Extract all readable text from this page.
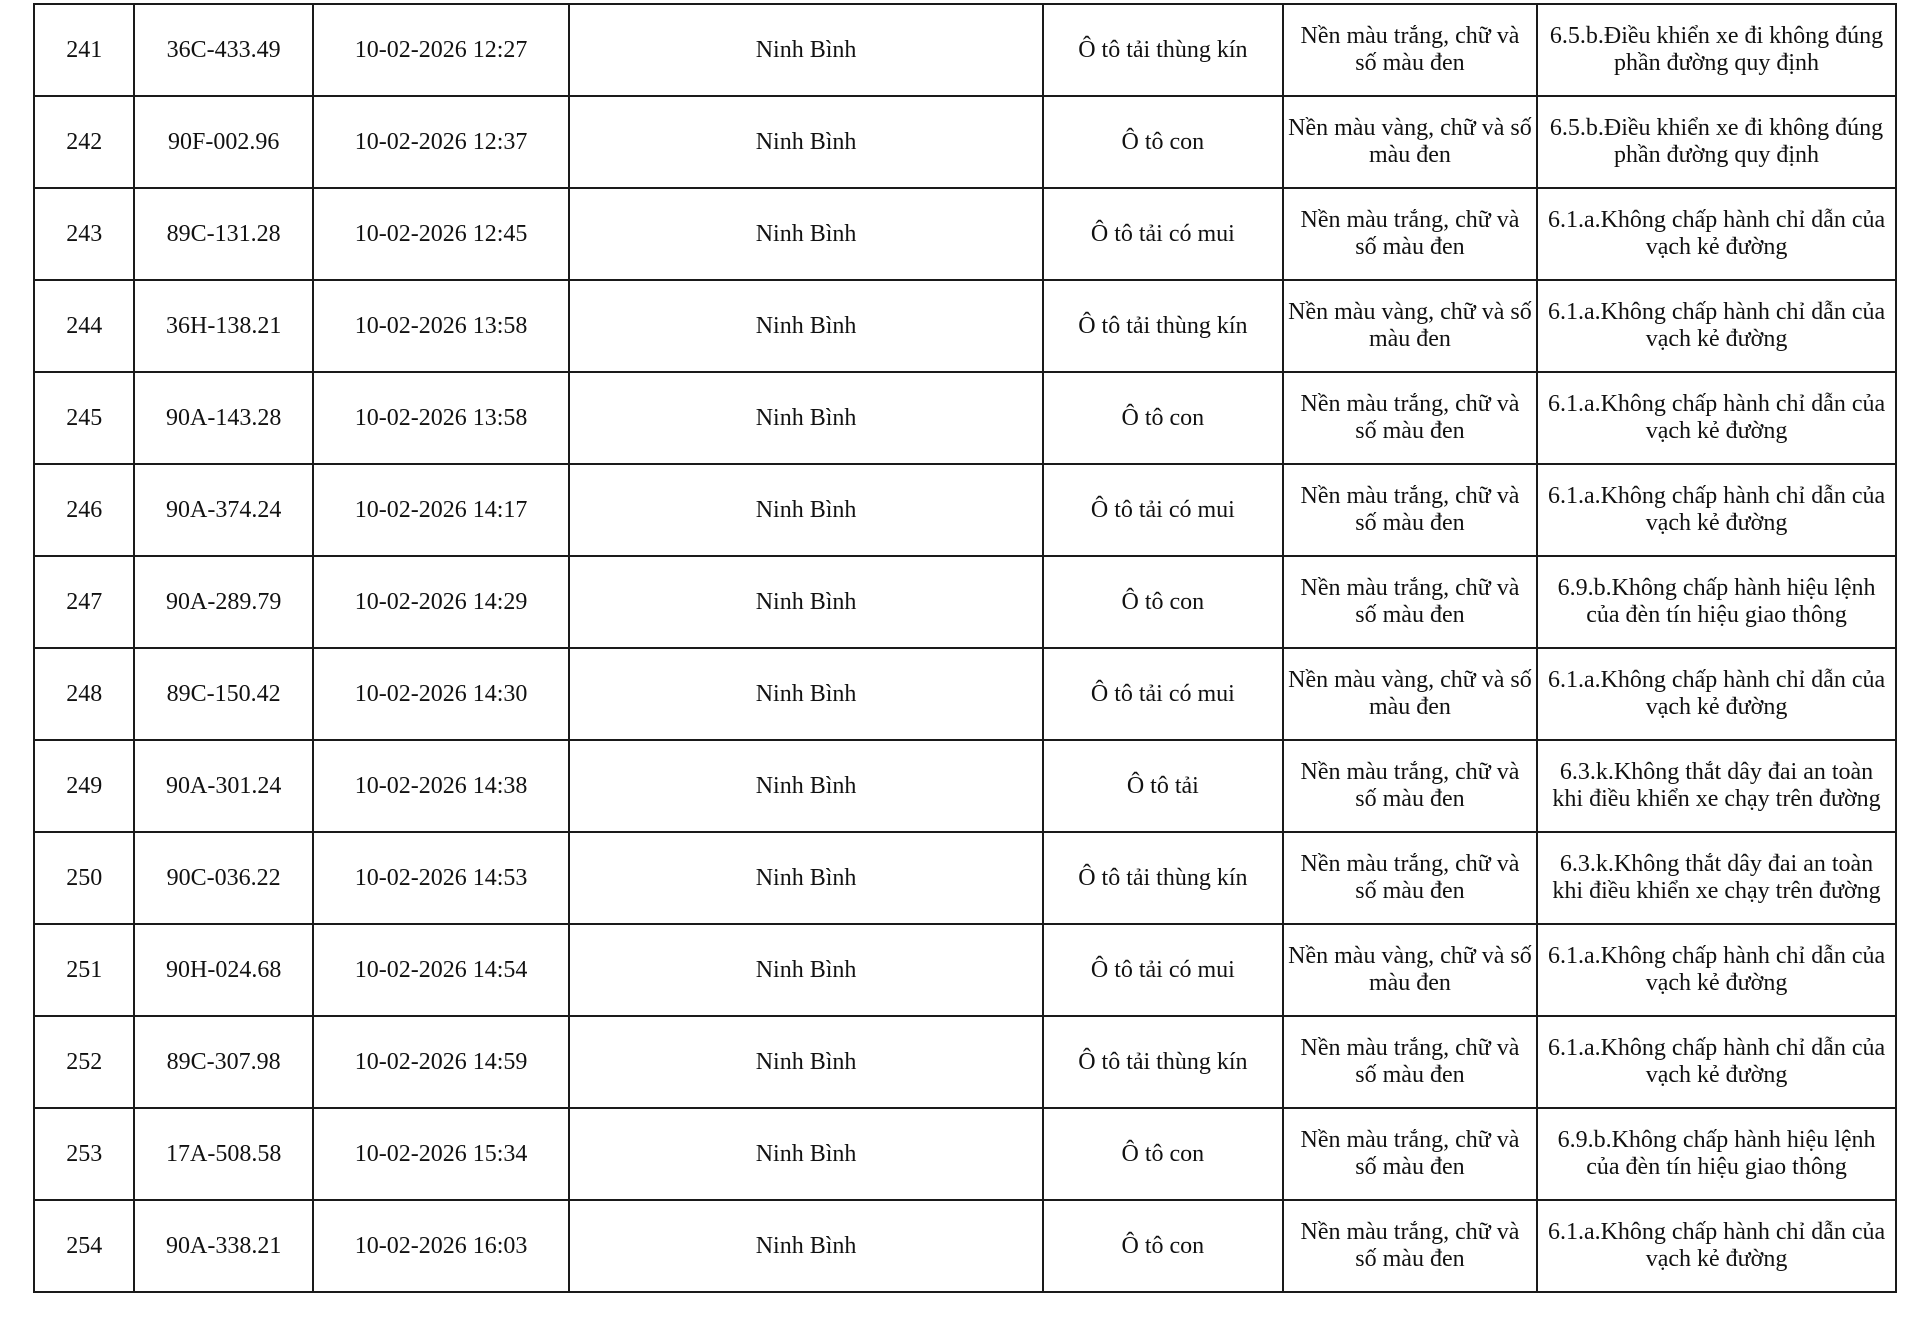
241	36C-433.49	10-02-2026 12:27	Ninh Bình	Ô tô tải thùng kín	Nền màu trắng, chữ và số màu đen	6.5.b.Điều khiển xe đi không đúng phần đường quy định
242	90F-002.96	10-02-2026 12:37	Ninh Bình	Ô tô con	Nền màu vàng, chữ và số màu đen	6.5.b.Điều khiển xe đi không đúng phần đường quy định
243	89C-131.28	10-02-2026 12:45	Ninh Bình	Ô tô tải có mui	Nền màu trắng, chữ và số màu đen	6.1.a.Không chấp hành chỉ dẫn của vạch kẻ đường
244	36H-138.21	10-02-2026 13:58	Ninh Bình	Ô tô tải thùng kín	Nền màu vàng, chữ và số màu đen	6.1.a.Không chấp hành chỉ dẫn của vạch kẻ đường
245	90A-143.28	10-02-2026 13:58	Ninh Bình	Ô tô con	Nền màu trắng, chữ và số màu đen	6.1.a.Không chấp hành chỉ dẫn của vạch kẻ đường
246	90A-374.24	10-02-2026 14:17	Ninh Bình	Ô tô tải có mui	Nền màu trắng, chữ và số màu đen	6.1.a.Không chấp hành chỉ dẫn của vạch kẻ đường
247	90A-289.79	10-02-2026 14:29	Ninh Bình	Ô tô con	Nền màu trắng, chữ và số màu đen	6.9.b.Không chấp hành hiệu lệnh của đèn tín hiệu giao thông
248	89C-150.42	10-02-2026 14:30	Ninh Bình	Ô tô tải có mui	Nền màu vàng, chữ và số màu đen	6.1.a.Không chấp hành chỉ dẫn của vạch kẻ đường
249	90A-301.24	10-02-2026 14:38	Ninh Bình	Ô tô tải	Nền màu trắng, chữ và số màu đen	6.3.k.Không thắt dây đai an toàn khi điều khiển xe chạy trên đường
250	90C-036.22	10-02-2026 14:53	Ninh Bình	Ô tô tải thùng kín	Nền màu trắng, chữ và số màu đen	6.3.k.Không thắt dây đai an toàn khi điều khiển xe chạy trên đường
251	90H-024.68	10-02-2026 14:54	Ninh Bình	Ô tô tải có mui	Nền màu vàng, chữ và số màu đen	6.1.a.Không chấp hành chỉ dẫn của vạch kẻ đường
252	89C-307.98	10-02-2026 14:59	Ninh Bình	Ô tô tải thùng kín	Nền màu trắng, chữ và số màu đen	6.1.a.Không chấp hành chỉ dẫn của vạch kẻ đường
253	17A-508.58	10-02-2026 15:34	Ninh Bình	Ô tô con	Nền màu trắng, chữ và số màu đen	6.9.b.Không chấp hành hiệu lệnh của đèn tín hiệu giao thông
254	90A-338.21	10-02-2026 16:03	Ninh Bình	Ô tô con	Nền màu trắng, chữ và số màu đen	6.1.a.Không chấp hành chỉ dẫn của vạch kẻ đường
